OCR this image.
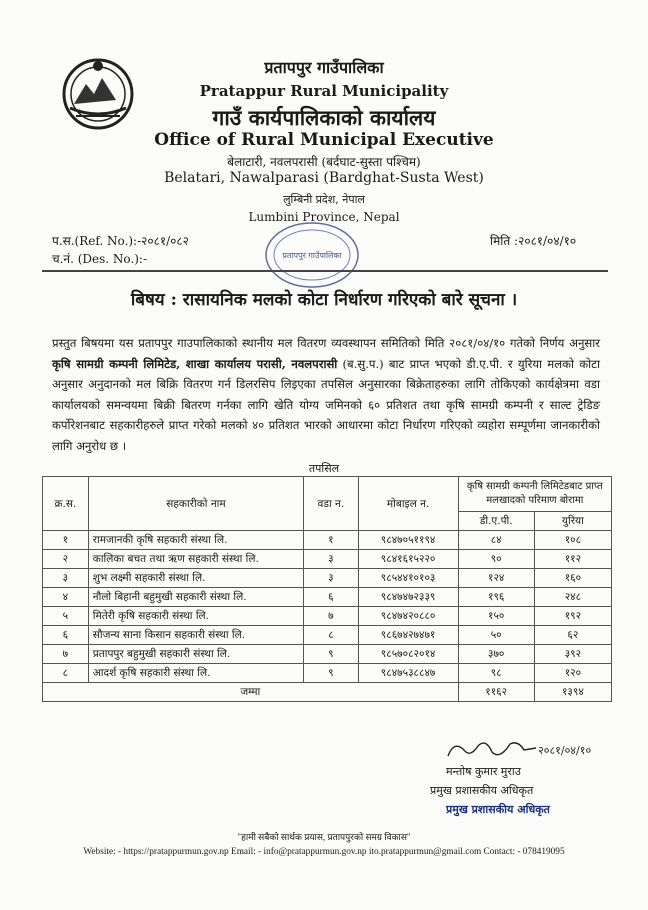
प्रतापपुर गाउँपालिका
Pratappur Rural Municipality
गाउँ कार्यपालिकाको कार्यालय
Office of Rural Municipal Executive
बेलाटारी, नवलपरासी (बर्दघाट-सुस्ता पश्चिम)
Belatari, Nawalparasi (Bardghat-Susta West)
लुम्बिनी प्रदेश, नेपाल
Lumbini Province, Nepal
प.स.(Ref. No.):-२०८१/०८२
च.नं. (Des. No.):-
मिति :२०८१/०४/१०
प्रतापपुर गाउँपालिका
बिषय : रासायनिक मलको कोटा निर्धारण गरिएको बारे सूचना ।
प्रस्तुत बिषयमा यस प्रतापपुर गाउपालिकाको स्थानीय मल वितरण व्यवस्थापन समितिको मिति २०८१/०४/१० गतेको निर्णय अनुसार कृषि सामग्री कम्पनी लिमिटेड, शाखा कार्यालय परासी, नवलपरासी (ब.सु.प.) बाट प्राप्त भएको डी.ए.पी. र युरिया मलको कोटा अनुसार अनुदानको मल बिक्रि वितरण गर्न डिलरसिप लिइएका तपसिल अनुसारका बिक्रेताहरुका लागि तोकिएको कार्यक्षेत्रमा वडा कार्यालयको समन्वयमा बिक्री बितरण गर्नका लागि खेति योग्य जमिनको ६० प्रतिशत तथा कृषि सामग्री कम्पनी र साल्ट ट्रेडिङ कर्पोरेशनबाट सहकारीहरुले प्राप्त गरेको मलको ४० प्रतिशत भारको आधारमा कोटा निर्धारण गरिएको व्यहोरा सम्पूर्णमा जानकारीको लागि अनुरोध छ ।
तपसिल
क्र.स.	सहकारीको नाम	वडा न.	मोबाइल न.	कृषि सामग्री कम्पनी लिमिटेडबाट प्राप्त मलखादको परिमाण बोरामा	
				डी.ए.पी.	युरिया
१	रामजानकी कृषि सहकारी संस्था लि.	१	९८४७०५११९४	८४	१०८
२	कालिका बचत तथा ऋण सहकारी संस्था लि.	३	९८४१६१५२२०	९०	११२
३	शुभ लक्ष्मी सहकारी संस्था लि.	३	९८५४४१०१०३	१२४	१६०
४	नौलो बिहानी बहुमुखी सहकारी संस्था लि.	६	९८४७४७२३३९	१९६	२४८
५	मितेरी कृषि सहकारी संस्था लि.	७	९८४७४२०८८०	१५०	१९२
६	सौजन्य साना किसान सहकारी संस्था लि.	८	९८६७४२७४७१	५०	६२
७	प्रतापपुर बहुमुखी सहकारी संस्था लि.	९	९८५७०८२०१४	३७०	३९२
८	आदर्श कृषि सहकारी संस्था लि.	९	९८४७५३८८४७	९८	१२०
जम्मा				११६२	१३९४
२०८१/०४/१०
मन्तोष कुमार मुराउ
प्रमुख प्रशासकीय अधिकृत
प्रमुख प्रशासकीय अधिकृत
"हामी सबैको सार्थक प्रयास, प्रतापपुरको समग्र विकास"
Website: - https://pratappurmun.gov.np Email: - info@pratappurmun.gov.np ito.pratappurmun@gmail.com Contact: - 078419095
